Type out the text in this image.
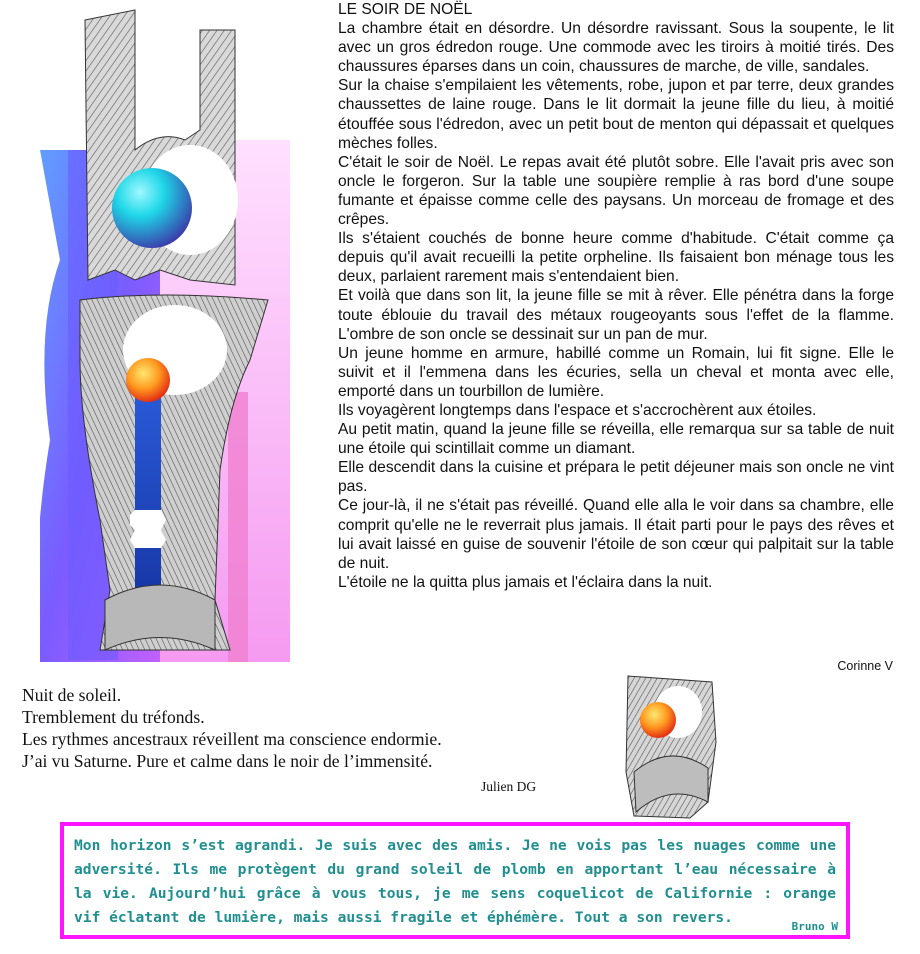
LE SOIR DE NOËL

La chambre était en désordre. Un désordre ravissant. Sous la soupente, le lit avec un gros édredon rouge. Une commode avec les tiroirs à moitié tirés. Des chaussures éparses dans un coin, chaussures de marche, de ville, sandales.

Sur la chaise s'empilaient les vêtements, robe, jupon et par terre, deux grandes chaussettes de laine rouge. Dans le lit dormait la jeune fille du lieu, à moitié étouffée sous l'édredon, avec un petit bout de menton qui dépassait et quelques mèches folles.

C'était le soir de Noël. Le repas avait été plutôt sobre. Elle l'avait pris avec son oncle le forgeron. Sur la table une soupière remplie à ras bord d'une soupe fumante et épaisse comme celle des paysans. Un morceau de fromage et des crêpes.

Ils s'étaient couchés de bonne heure comme d'habitude. C'était comme ça depuis qu'il avait recueilli la petite orpheline. Ils faisaient bon ménage tous les deux, parlaient rarement mais s'entendaient bien.

Et voilà que dans son lit, la jeune fille se mit à rêver. Elle pénétra dans la forge toute éblouie du travail des métaux rougeoyants sous l'effet de la flamme. L'ombre de son oncle se dessinait sur un pan de mur.

Un jeune homme en armure, habillé comme un Romain, lui fit signe. Elle le suivit et il l'emmena dans les écuries, sella un cheval et monta avec elle, emporté dans un tourbillon de lumière.

Ils voyagèrent longtemps dans l'espace et s'accrochèrent aux étoiles.

Au petit matin, quand la jeune fille se réveilla, elle remarqua sur sa table de nuit une étoile qui scintillait comme un diamant.

Elle descendit dans la cuisine et prépara le petit déjeuner mais son oncle ne vint pas.

Ce jour-là, il ne s'était pas réveillé. Quand elle alla le voir dans sa chambre, elle comprit qu'elle ne le reverrait plus jamais. Il était parti pour le pays des rêves et lui avait laissé en guise de souvenir l'étoile de son cœur qui palpitait sur la table de nuit.

L'étoile ne la quitta plus jamais et l'éclaira dans la nuit.

Corinne V

Nuit de soleil.

Tremblement du tréfonds.

Les rythmes ancestraux réveillent ma conscience endormie.

J’ai vu Saturne. Pure et calme dans le noir de l’immensité.

Julien DG
Mon horizon s’est agrandi. Je suis avec des amis. Je ne vois pas les nuages comme une adversité. Ils me protègent du grand soleil de plomb en apportant l’eau nécessaire à la vie. Aujourd’hui grâce à vous tous, je me sens coquelicot de Californie : orange vif éclatant de lumière, mais aussi fragile et éphémère. Tout a son revers.
Bruno W
